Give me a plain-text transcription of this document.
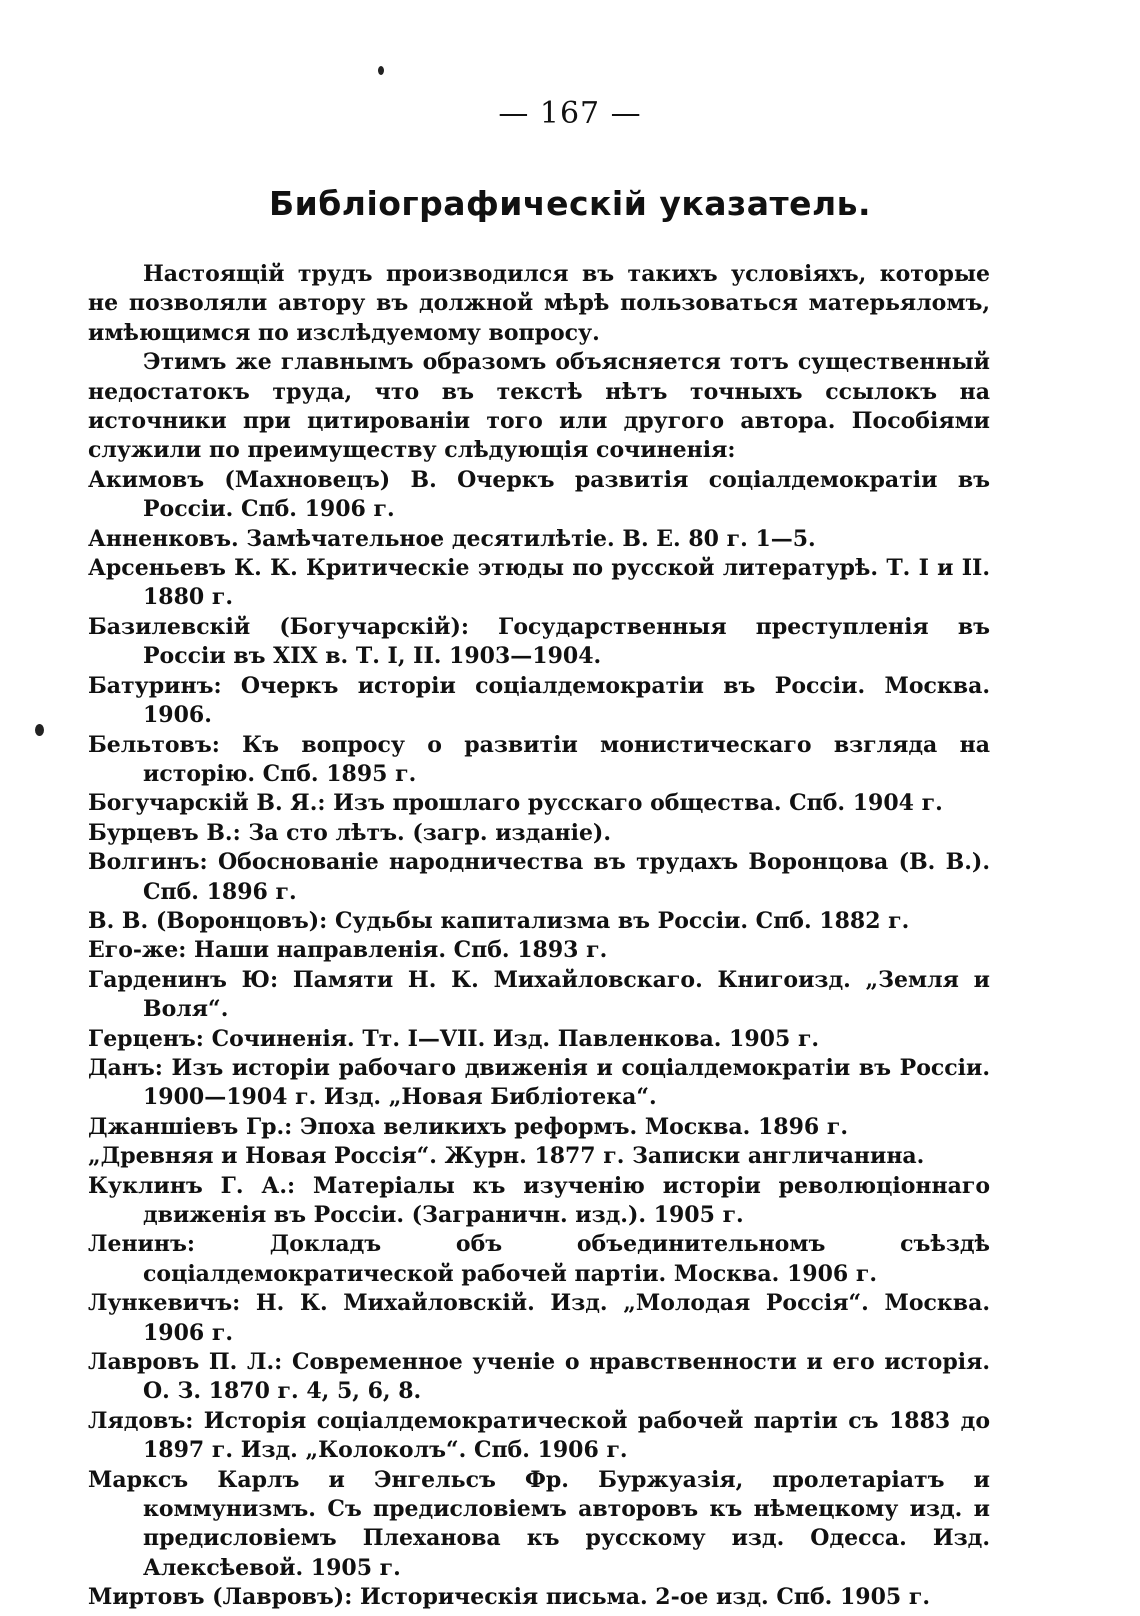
— 167 —
Библіографическій указатель.

Настоящій трудъ производился въ такихъ условіяхъ, которые не позволяли автору въ должной мѣрѣ пользоваться матерьяломъ, имѣющимся по изслѣдуемому вопросу.

Этимъ же главнымъ образомъ объясняется тотъ существенный недостатокъ труда, что въ текстѣ нѣтъ точныхъ ссылокъ на источники при цитированіи того или другого автора. Пособіями служили по преимуществу слѣдующія сочиненія:

Акимовъ (Махновецъ) В. Очеркъ развитія соціалдемократіи въ Россіи. Спб. 1906 г.

Анненковъ. Замѣчательное десятилѣтіе. В. Е. 80 г. 1—5.

Арсеньевъ К. К. Критическіе этюды по русской литературѣ. Т. I и II. 1880 г.

Базилевскій (Богучарскій): Государственныя преступленія въ Россіи въ XIX в. Т. I, II. 1903—1904.

Батуринъ: Очеркъ исторіи соціалдемократіи въ Россіи. Москва. 1906.

Бельтовъ: Къ вопросу о развитіи монистическаго взгляда на исторію. Спб. 1895 г.

Богучарскій В. Я.: Изъ прошлаго русскаго общества. Спб. 1904 г.

Бурцевъ В.: За сто лѣтъ. (загр. изданіе).

Волгинъ: Обоснованіе народничества въ трудахъ Воронцова (В. В.). Спб. 1896 г.

В. В. (Воронцовъ): Судьбы капитализма въ Россіи. Спб. 1882 г.

Его-же: Наши направленія. Спб. 1893 г.

Гарденинъ Ю: Памяти Н. К. Михайловскаго. Книгоизд. „Земля и Воля“.

Герценъ: Сочиненія. Тт. I—VII. Изд. Павленкова. 1905 г.

Данъ: Изъ исторіи рабочаго движенія и соціалдемократіи въ Россіи. 1900—1904 г. Изд. „Новая Библіотека“.

Джаншіевъ Гр.: Эпоха великихъ реформъ. Москва. 1896 г.

„Древняя и Новая Россія“. Журн. 1877 г. Записки англичанина.

Куклинъ Г. А.: Матеріалы къ изученію исторіи революціоннаго движенія въ Россіи. (Заграничн. изд.). 1905 г.

Ленинъ: Докладъ объ объединительномъ съѣздѣ соціалдемократической рабочей партіи. Москва. 1906 г.

Лункевичъ: Н. К. Михайловскій. Изд. „Молодая Россія“. Москва. 1906 г.

Лавровъ П. Л.: Современное ученіе о нравственности и его исторія. О. З. 1870 г. 4, 5, 6, 8.

Лядовъ: Исторія соціалдемократической рабочей партіи съ 1883 до 1897 г. Изд. „Колоколъ“. Спб. 1906 г.

Марксъ Карлъ и Энгельсъ Фр. Буржуазія, пролетаріатъ и коммунизмъ. Съ предисловіемъ авторовъ къ нѣмецкому изд. и предисловіемъ Плеханова къ русскому изд. Одесса. Изд. Алексѣевой. 1905 г.

Миртовъ (Лавровъ): Историческія письма. 2-ое изд. Спб. 1905 г.
